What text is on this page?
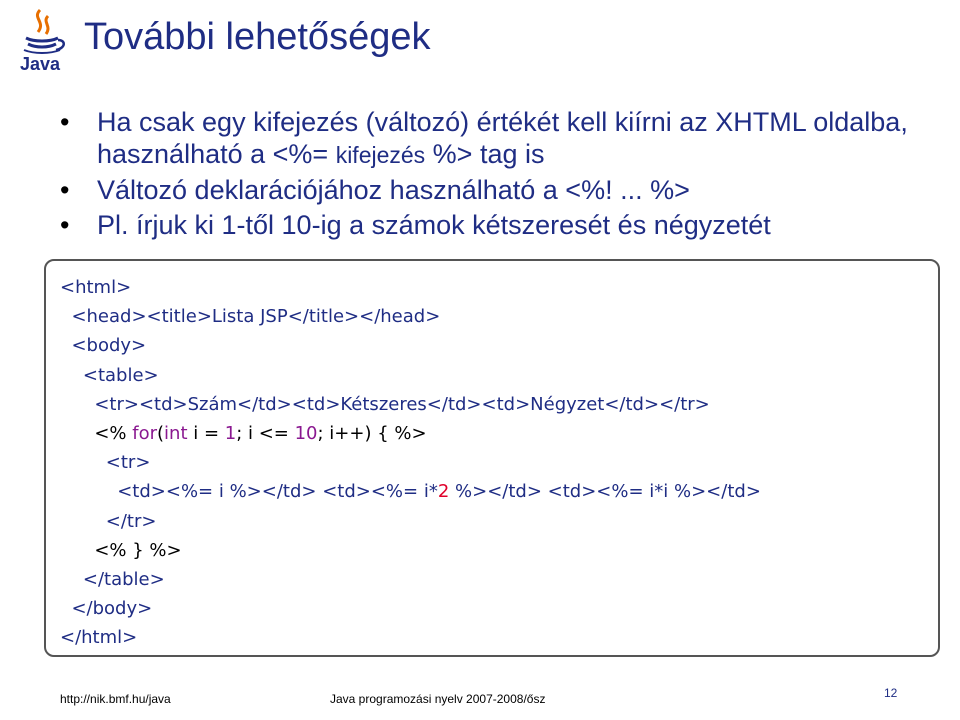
Java
További lehetőségek
• Ha csak egy kifejezés (változó) értékét kell kiírni az XHTML oldalba, használható a <%= kifejezés %> tag is
• Változó deklarációjához használható a <%! ... %>
• Pl. írjuk ki 1-től 10-ig a számok kétszeresét és négyzetét
<html>
<head><title>Lista JSP</title></head>
<body>
<table>
<tr><td>Szám</td><td>Kétszeres</td><td>Négyzet</td></tr>
<% for(int i = 1; i <= 10; i++) { %>
<tr>
<td><%= i %></td> <td><%= i*2 %></td> <td><%= i*i %></td>
</tr>
<% } %>
</table>
</body>
</html>
http://nik.bmf.hu/java	Java programozási nyelv 2007-2008/ősz	12
